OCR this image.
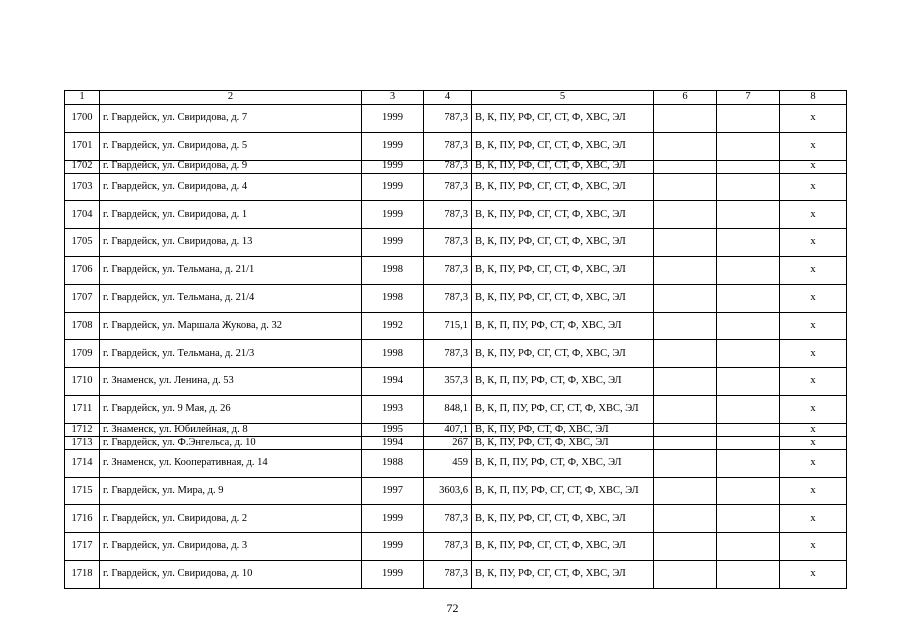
1	2	3	4	5	6	7	8
1700	г. Гвардейск, ул. Свиридова, д. 7	1999	787,3	В, К, ПУ, РФ, СГ, СТ, Ф, ХВС, ЭЛ			х
1701	г. Гвардейск, ул. Свиридова, д. 5	1999	787,3	В, К, ПУ, РФ, СГ, СТ, Ф, ХВС, ЭЛ			х
1702	г. Гвардейск, ул. Свиридова, д. 9	1999	787,3	В, К, ПУ, РФ, СГ, СТ, Ф, ХВС, ЭЛ			х
1703	г. Гвардейск, ул. Свиридова, д. 4	1999	787,3	В, К, ПУ, РФ, СГ, СТ, Ф, ХВС, ЭЛ			х
1704	г. Гвардейск, ул. Свиридова, д. 1	1999	787,3	В, К, ПУ, РФ, СГ, СТ, Ф, ХВС, ЭЛ			х
1705	г. Гвардейск, ул. Свиридова, д. 13	1999	787,3	В, К, ПУ, РФ, СГ, СТ, Ф, ХВС, ЭЛ			х
1706	г. Гвардейск, ул. Тельмана, д. 21/1	1998	787,3	В, К, ПУ, РФ, СГ, СТ, Ф, ХВС, ЭЛ			х
1707	г. Гвардейск, ул. Тельмана, д. 21/4	1998	787,3	В, К, ПУ, РФ, СГ, СТ, Ф, ХВС, ЭЛ			х
1708	г. Гвардейск, ул. Маршала Жукова, д. 32	1992	715,1	В, К, П, ПУ, РФ, СТ, Ф, ХВС, ЭЛ			х
1709	г. Гвардейск, ул. Тельмана, д. 21/3	1998	787,3	В, К, ПУ, РФ, СГ, СТ, Ф, ХВС, ЭЛ			х
1710	г. Знаменск, ул. Ленина, д. 53	1994	357,3	В, К, П, ПУ, РФ, СТ, Ф, ХВС, ЭЛ			х
1711	г. Гвардейск, ул. 9 Мая, д. 26	1993	848,1	В, К, П, ПУ, РФ, СГ, СТ, Ф, ХВС, ЭЛ			х
1712	г. Знаменск, ул. Юбилейная, д. 8	1995	407,1	В, К, ПУ, РФ, СТ, Ф, ХВС, ЭЛ			х
1713	г. Гвардейск, ул. Ф.Энгельса, д. 10	1994	267	В, К, ПУ, РФ, СТ, Ф, ХВС, ЭЛ			х
1714	г. Знаменск, ул. Кооперативная, д. 14	1988	459	В, К, П, ПУ, РФ, СТ, Ф, ХВС, ЭЛ			х
1715	г. Гвардейск, ул. Мира, д. 9	1997	3603,6	В, К, П, ПУ, РФ, СГ, СТ, Ф, ХВС, ЭЛ			х
1716	г. Гвардейск, ул. Свиридова, д. 2	1999	787,3	В, К, ПУ, РФ, СГ, СТ, Ф, ХВС, ЭЛ			х
1717	г. Гвардейск, ул. Свиридова, д. 3	1999	787,3	В, К, ПУ, РФ, СГ, СТ, Ф, ХВС, ЭЛ			х
1718	г. Гвардейск, ул. Свиридова, д. 10	1999	787,3	В, К, ПУ, РФ, СГ, СТ, Ф, ХВС, ЭЛ			х
72
